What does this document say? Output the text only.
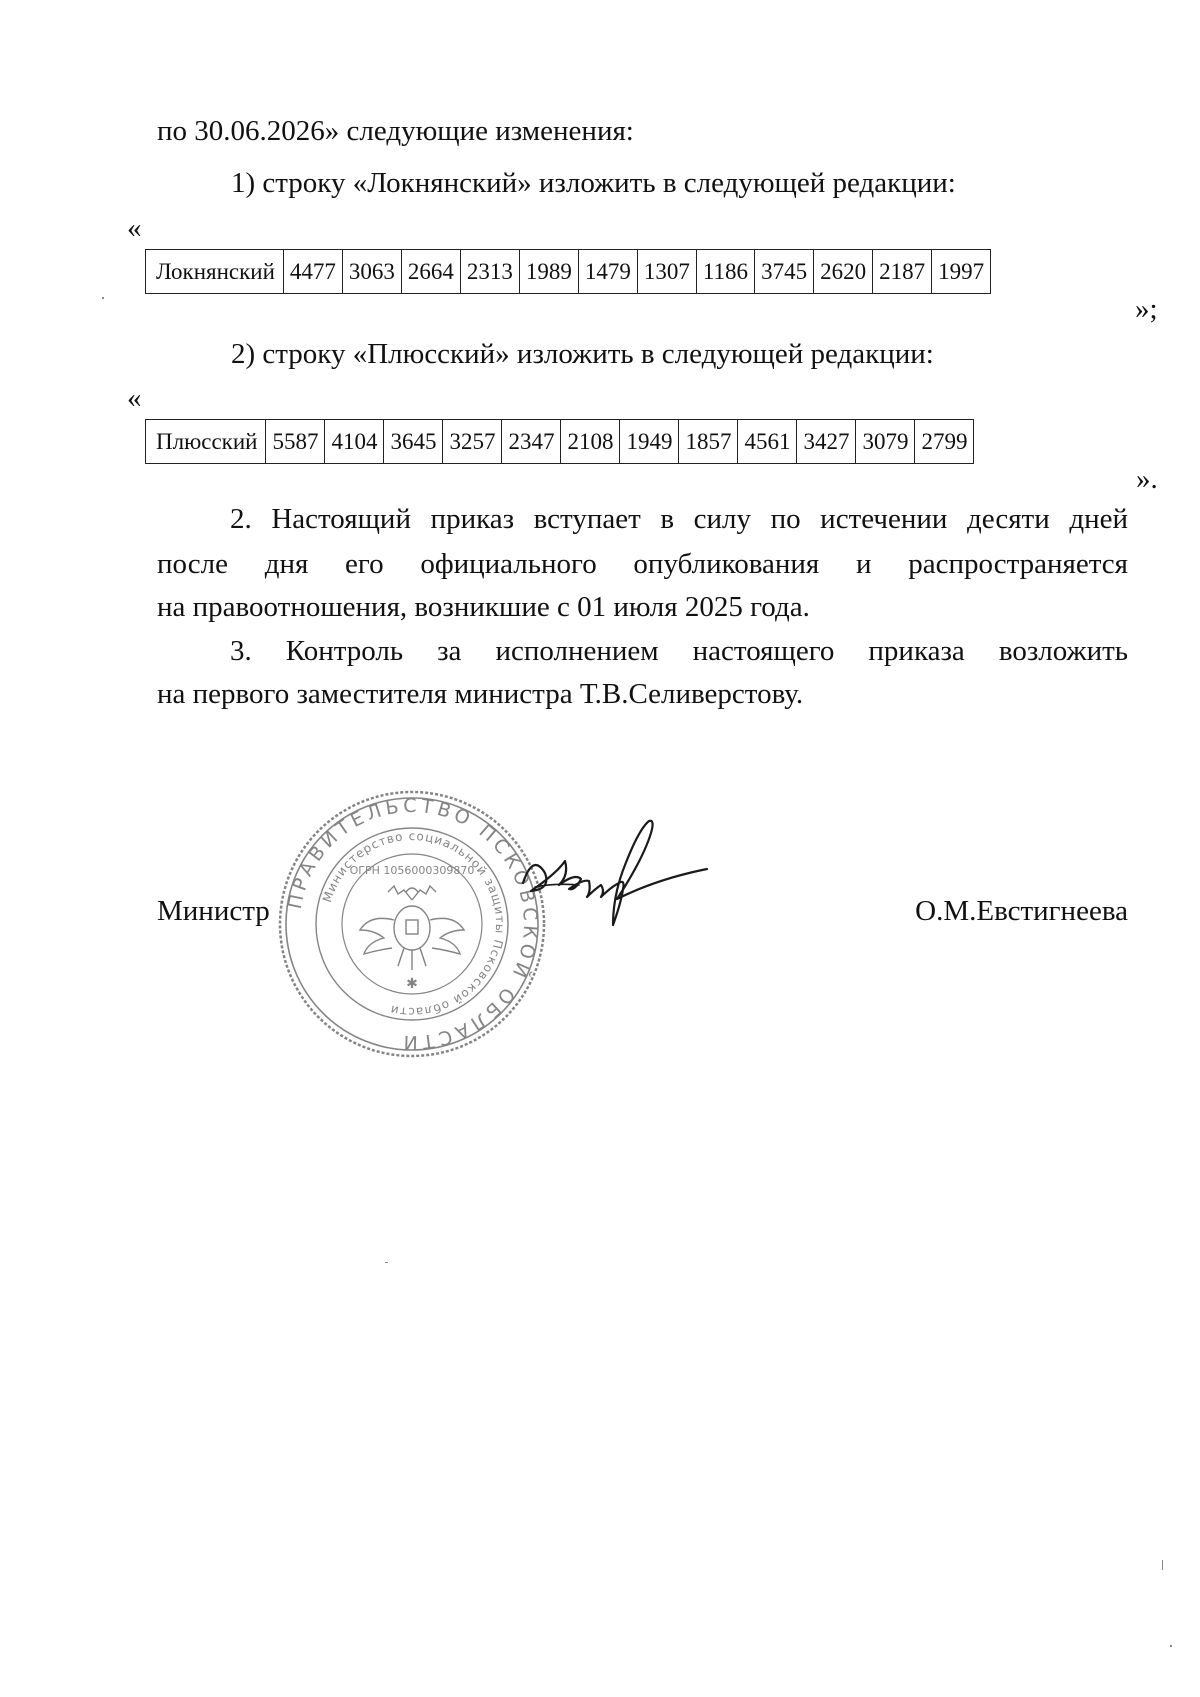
по 30.06.2026» следующие изменения:
1) строку «Локнянский» изложить в следующей редакции:
«
Локнянский	4477	3063	2664	2313	1989	1479	1307	1186	3745	2620	2187	1997
»;
2) строку «Плюсский» изложить в следующей редакции:
«
Плюсский	5587	4104	3645	3257	2347	2108	1949	1857	4561	3427	3079	2799
».
2. Настоящий приказ вступает в силу по истечении десяти дней
после дня его официального опубликования и распространяется
на правоотношения, возникшие с 01 июля 2025 года.
3. Контроль за исполнением настоящего приказа возложить
на первого заместителя министра Т.В.Селиверстову.
Министр	О.М.Евстигнеева
ПРАВИТЕЛЬСТВО ПСКОВСКОЙ ОБЛАСТИ
Министерство социальной защиты Псковской области
ОГРН 1056000309870
✱
